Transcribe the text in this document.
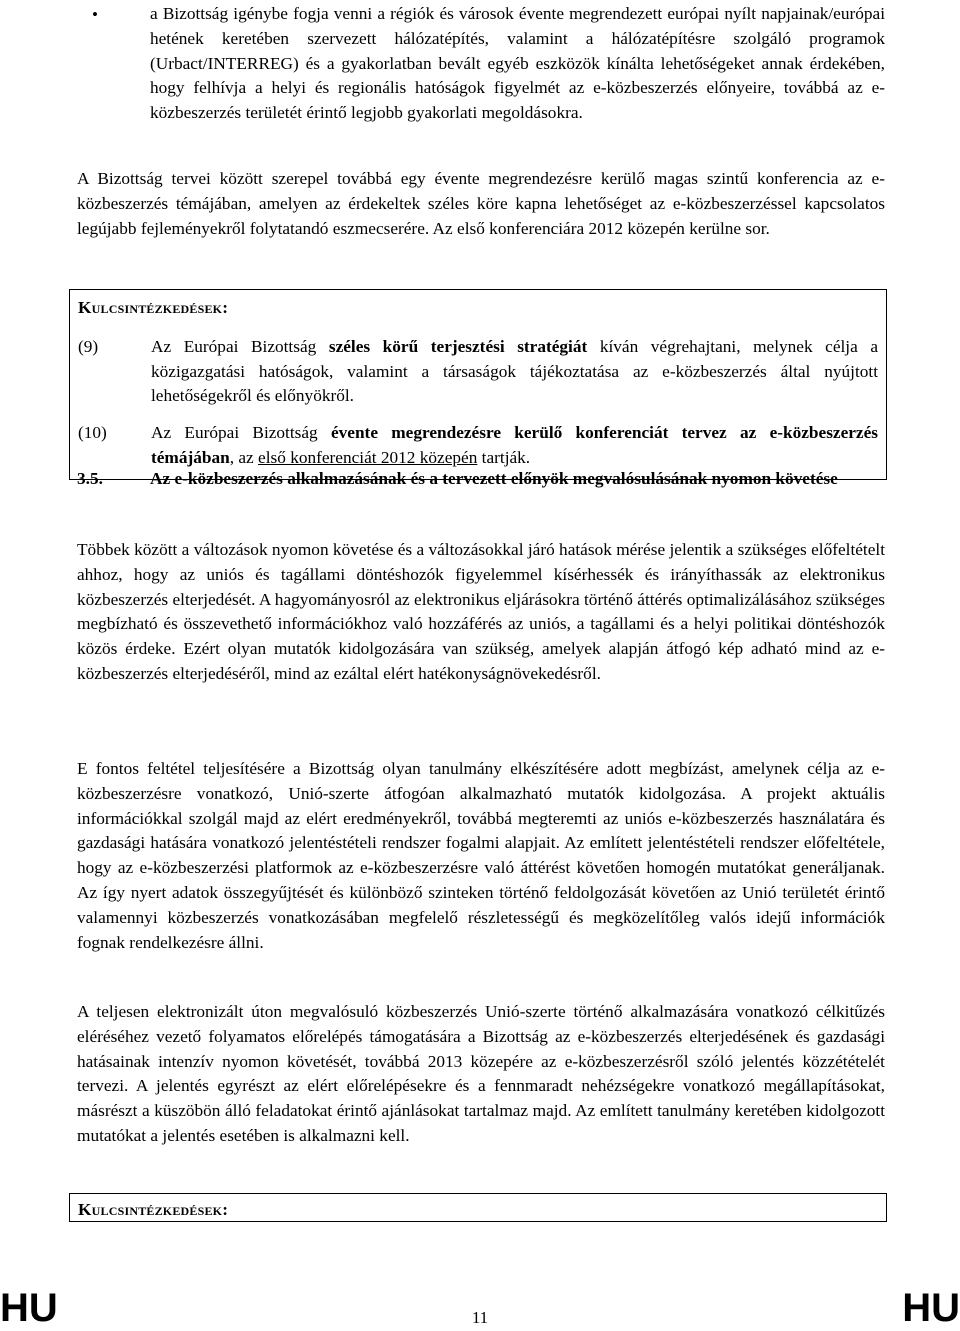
•	a Bizottság igénybe fogja venni a régiók és városok évente megrendezett európai nyílt napjainak/európai hetének keretében szervezett hálózatépítés, valamint a hálózatépítésre szolgáló programok (Urbact/INTERREG) és a gyakorlatban bevált egyéb eszközök kínálta lehetőségeket annak érdekében, hogy felhívja a helyi és regionális hatóságok figyelmét az e-közbeszerzés előnyeire, továbbá az e-közbeszerzés területét érintő legjobb gyakorlati megoldásokra.

A Bizottság tervei között szerepel továbbá egy évente megrendezésre kerülő magas szintű konferencia az e-közbeszerzés témájában, amelyen az érdekeltek széles köre kapna lehetőséget az e-közbeszerzéssel kapcsolatos legújabb fejleményekről folytatandó eszmecserére. Az első konferenciára 2012 közepén kerülne sor.

Kulcsintézkedések:
(9)	Az Európai Bizottság széles körű terjesztési stratégiát kíván végrehajtani, melynek célja a közigazgatási hatóságok, valamint a társaságok tájékoztatása az e-közbeszerzés által nyújtott lehetőségekről és előnyökről.
(10)	Az Európai Bizottság évente megrendezésre kerülő konferenciát tervez az e-közbeszerzés témájában, az első konferenciát 2012 közepén tartják.
3.5.	Az e-közbeszerzés alkalmazásának és a tervezett előnyök megvalósulásának nyomon követése

Többek között a változások nyomon követése és a változásokkal járó hatások mérése jelentik a szükséges előfeltételt ahhoz, hogy az uniós és tagállami döntéshozók figyelemmel kísérhessék és irányíthassák az elektronikus közbeszerzés elterjedését. A hagyományosról az elektronikus eljárásokra történő áttérés optimalizálásához szükséges megbízható és összevethető információkhoz való hozzáférés az uniós, a tagállami és a helyi politikai döntéshozók közös érdeke. Ezért olyan mutatók kidolgozására van szükség, amelyek alapján átfogó kép adható mind az e-közbeszerzés elterjedéséről, mind az ezáltal elért hatékonyságnövekedésről.

E fontos feltétel teljesítésére a Bizottság olyan tanulmány elkészítésére adott megbízást, amelynek célja az e-közbeszerzésre vonatkozó, Unió-szerte átfogóan alkalmazható mutatók kidolgozása. A projekt aktuális információkkal szolgál majd az elért eredményekről, továbbá megteremti az uniós e-közbeszerzés használatára és gazdasági hatására vonatkozó jelentéstételi rendszer fogalmi alapjait. Az említett jelentéstételi rendszer előfeltétele, hogy az e-közbeszerzési platformok az e-közbeszerzésre való áttérést követően homogén mutatókat generáljanak. Az így nyert adatok összegyűjtését és különböző szinteken történő feldolgozását követően az Unió területét érintő valamennyi közbeszerzés vonatkozásában megfelelő részletességű és megközelítőleg valós idejű információk fognak rendelkezésre állni.

A teljesen elektronizált úton megvalósuló közbeszerzés Unió-szerte történő alkalmazására vonatkozó célkitűzés eléréséhez vezető folyamatos előrelépés támogatására a Bizottság az e-közbeszerzés elterjedésének és gazdasági hatásainak intenzív nyomon követését, továbbá 2013 közepére az e-közbeszerzésről szóló jelentés közzétételét tervezi. A jelentés egyrészt az elért előrelépésekre és a fennmaradt nehézségekre vonatkozó megállapításokat, másrészt a küszöbön álló feladatokat érintő ajánlásokat tartalmaz majd. Az említett tanulmány keretében kidolgozott mutatókat a jelentés esetében is alkalmazni kell.

Kulcsintézkedések:
HU	11	HU
